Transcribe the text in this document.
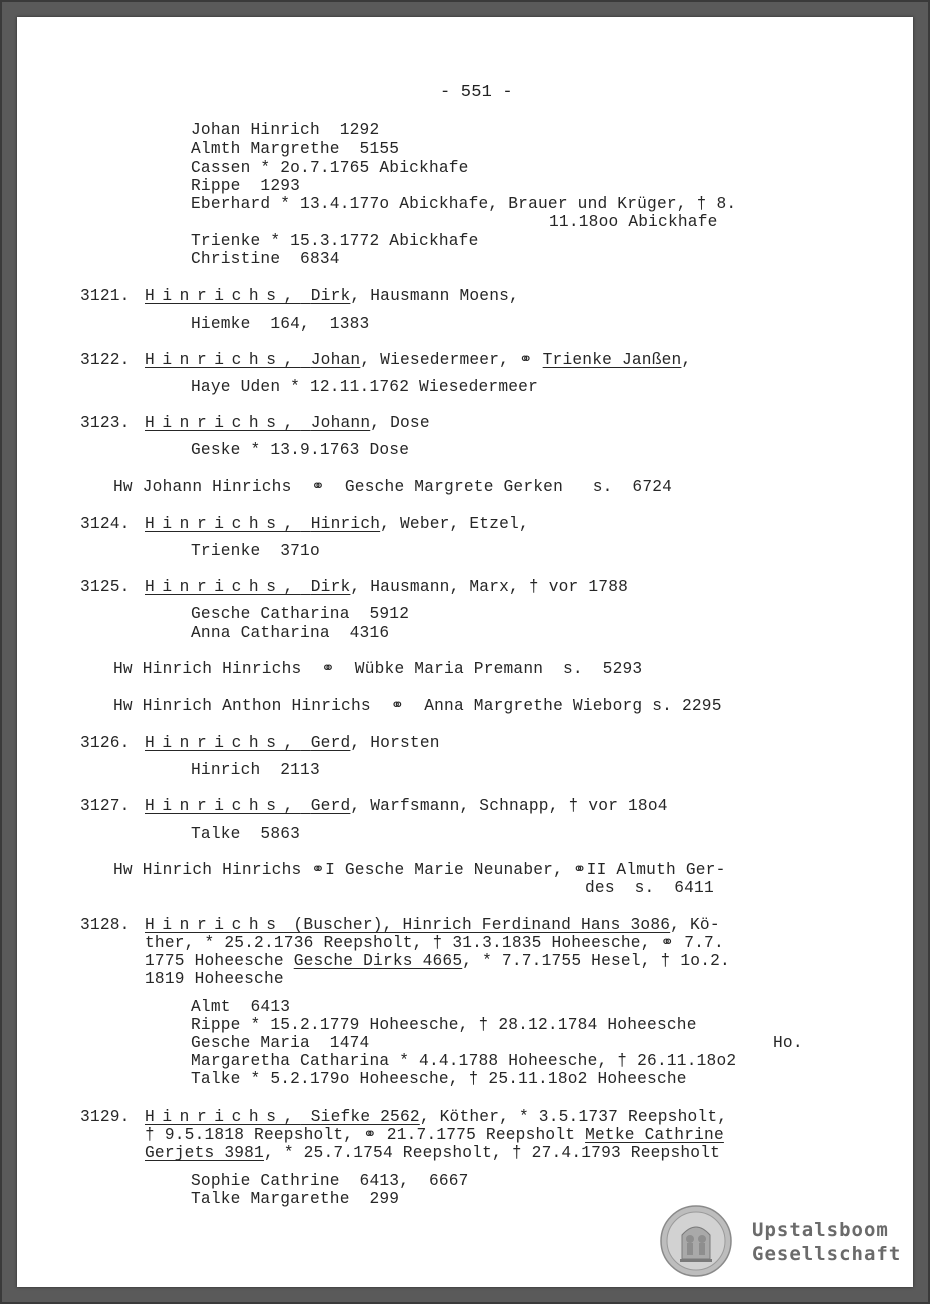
- 551 -
Johan Hinrich  1292
Almth Margrethe  5155
Cassen * 2o.7.1765 Abickhafe
Rippe  1293
Eberhard * 13.4.177o Abickhafe, Brauer und Krüger, † 8.
11.18oo Abickhafe
Trienke * 15.3.1772 Abickhafe
Christine  6834
3121. Hinrichs, Dirk, Hausmann Moens,
Hiemke  164,  1383
3122. Hinrichs, Johan, Wiesedermeer, ⚭ Trienke Janßen,
Haye Uden * 12.11.1762 Wiesedermeer
3123. Hinrichs, Johann, Dose
Geske * 13.9.1763 Dose
Hw Johann Hinrichs  ⚭  Gesche Margrete Gerken   s.  6724
3124. Hinrichs, Hinrich, Weber, Etzel,
Trienke  371o
3125. Hinrichs, Dirk, Hausmann, Marx, † vor 1788
Gesche Catharina  5912
Anna Catharina  4316
Hw Hinrich Hinrichs  ⚭  Wübke Maria Premann  s.  5293
Hw Hinrich Anthon Hinrichs  ⚭  Anna Margrethe Wieborg s. 2295
3126. Hinrichs, Gerd, Horsten
Hinrich  2113
3127. Hinrichs, Gerd, Warfsmann, Schnapp, † vor 18o4
Talke  5863
Hw Hinrich Hinrichs ⚭I Gesche Marie Neunaber, ⚭II Almuth Ger-
des  s.  6411
3128. Hinrichs (Buscher), Hinrich Ferdinand Hans 3o86, Kö-
ther, * 25.2.1736 Reepsholt, † 31.3.1835 Hoheesche, ⚭ 7.7.
1775 Hoheesche Gesche Dirks 4665, * 7.7.1755 Hesel, † 1o.2.
1819 Hoheesche
Almt  6413
Rippe * 15.2.1779 Hoheesche, † 28.12.1784 Hoheesche
Gesche Maria  1474	Ho.
Margaretha Catharina * 4.4.1788 Hoheesche, † 26.11.18o2
Talke * 5.2.179o Hoheesche, † 25.11.18o2 Hoheesche
3129. Hinrichs, Siefke 2562, Köther, * 3.5.1737 Reepsholt,
† 9.5.1818 Reepsholt, ⚭ 21.7.1775 Reepsholt Metke Cathrine
Gerjets 3981, * 25.7.1754 Reepsholt, † 27.4.1793 Reepsholt
Sophie Cathrine  6413,  6667
Talke Margarethe  299
Upstalsboom
Gesellschaft
